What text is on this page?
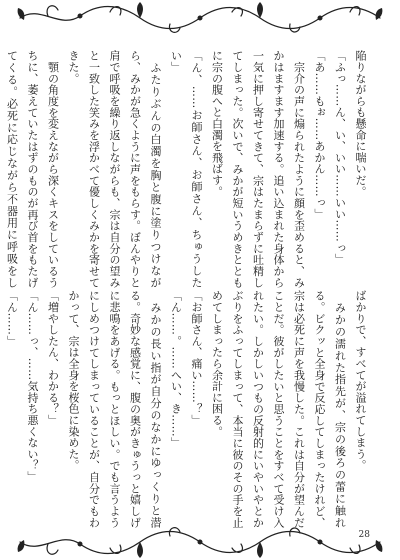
陥りながらも懸命に喘いだ。
「ふっ……ん、い、いい……いい……っ」
「あ……もぉ……あかん……っ」
　宗介の声に煽られたように顔を歪めると、みかはますます加速する。追い込まれた身体から一気に押し寄せてきて、宗はたまらずに吐精してしまった。次いで、みかが短いうめきとともに宗の腹へと白濁を飛ばす。
「ん、……お師さん、お師さん、ちゅうしたい」
　ふたりぶんの白濁を胸と腹に塗りつけながら、みかが急くように声をもらす。ぼんやりと肩で呼吸を繰り返しながらも、宗は自分の望みと一致した笑みを浮かべて優しくみかを寄せてきた。
　顎の角度を変えながら深くキスをしているうちに、萎えていたはずのものが再び首をもたげてくる。必死に応じながら不器用に呼吸をし
ばかりで、すべてが溢れてしまう。
　みかの濡れた指先が、宗の後ろの蕾に触れる。ビクッと全身で反応してしまったけれど、宗は必死に声を我慢した。これは自分が望んだことだ。彼がしたいと思うことをすべて受け入れたい。しかしいつもの反射的にいやいやとかぶりをふってしまって、本当に彼のその手を止めてしまったら余計に困る。
「お師さん、痛い……？」
「ん……。……へい、き……」
　みかの長い指が自分のなかにゆっくりと潜る。奇妙な感覚に、腹の奥がきゅうっと嬉しげに悲鳴をあげる。もっとほしい。でも言うようにしめつけてしまっていることが、自分でもわかって、宗は全身を桜色に染めた。
「増やしたん、わかる？」
「ん……っ、……気持ち悪くない？」
「ん……」

28
